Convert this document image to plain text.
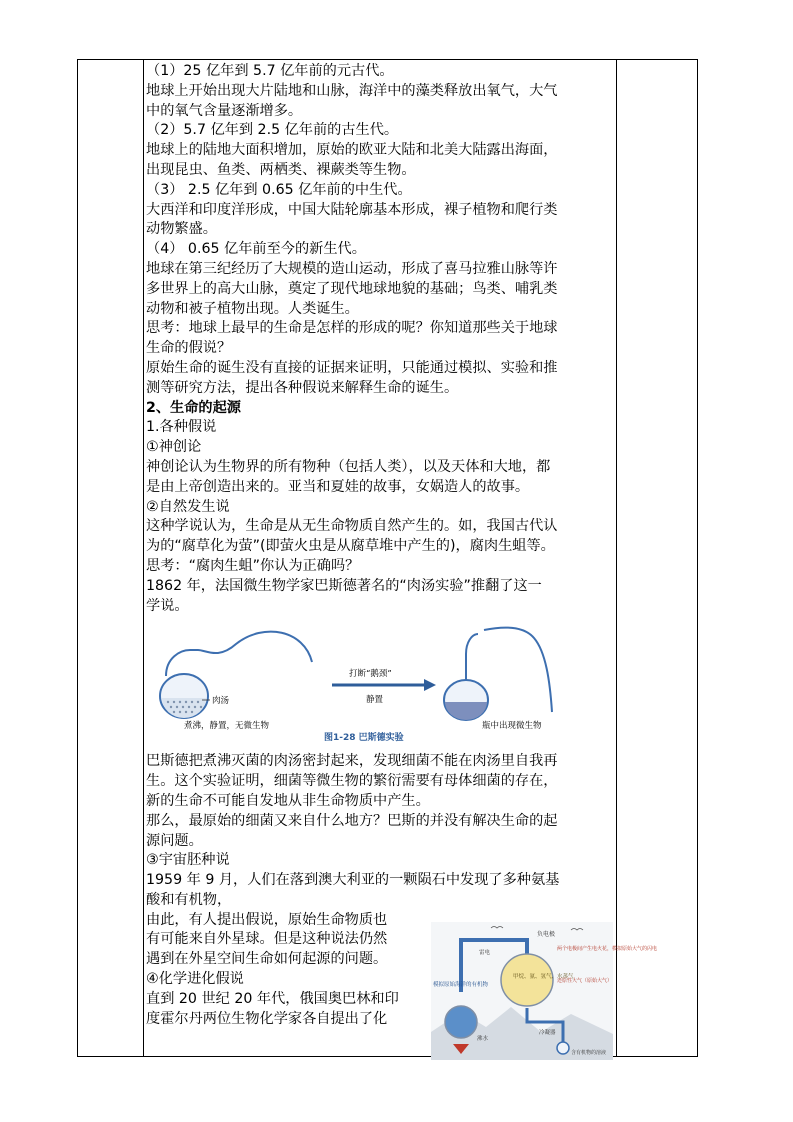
（1）25 亿年到 5.7 亿年前的元古代。

地球上开始出现大片陆地和山脉，海洋中的藻类释放出氧气，大气

中的氧气含量逐渐增多。

（2）5.7 亿年到 2.5 亿年前的古生代。

地球上的陆地大面积增加，原始的欧亚大陆和北美大陆露出海面，

出现昆虫、鱼类、两栖类、裸蕨类等生物。

（3） 2.5 亿年到 0.65 亿年前的中生代。

大西洋和印度洋形成，中国大陆轮廓基本形成，裸子植物和爬行类

动物繁盛。

（4） 0.65 亿年前至今的新生代。

地球在第三纪经历了大规模的造山运动，形成了喜马拉雅山脉等许

多世界上的高大山脉，奠定了现代地球地貌的基础；鸟类、哺乳类

动物和被子植物出现。人类诞生。

思考：地球上最早的生命是怎样的形成的呢？你知道那些关于地球

生命的假说？

原始生命的诞生没有直接的证据来证明，只能通过模拟、实验和推

测等研究方法，提出各种假说来解释生命的诞生。

2、生命的起源

1.各种假说

①神创论

神创论认为生物界的所有物种（包括人类），以及天体和大地，都

是由上帝创造出来的。亚当和夏娃的故事，女娲造人的故事。

②自然发生说

这种学说认为，生命是从无生命物质自然产生的。如，我国古代认

为的“腐草化为萤”(即萤火虫是从腐草堆中产生的)，腐肉生蛆等。

思考：“腐肉生蛆”你认为正确吗？

1862 年，法国微生物学家巴斯德著名的“肉汤实验”推翻了这一

学说。

肉汤
煮沸，静置，无微生物
打断“鹅颈”
静置
瓶中出现微生物
图1-28 巴斯德实验

巴斯德把煮沸灭菌的肉汤密封起来，发现细菌不能在肉汤里自我再

生。这个实验证明，细菌等微生物的繁衍需要有母体细菌的存在，

新的生命不可能自发地从非生命物质中产生。

那么，最原始的细菌又来自什么地方？巴斯的并没有解决生命的起

源问题。

③宇宙胚种说

1959 年 9 月，人们在落到澳大利亚的一颗陨石中发现了多种氨基

酸和有机物，

由此，有人提出假说，原始生命物质也

有可能来自外星球。但是这种说法仍然

遇到在外星空间生命如何起源的问题。

④化学进化假说

直到 20 世纪 20 年代，俄国奥巴林和印

度霍尔丹两位生物化学家各自提出了化

甲烷、氨、氢气、水蒸气
负电极
模拟原始海洋的有机物
雷电
冷凝器
含有机物的溶液
沸水
两个电极间产生电火花，模拟原始大气的闪电
还原性大气（原始大气）
